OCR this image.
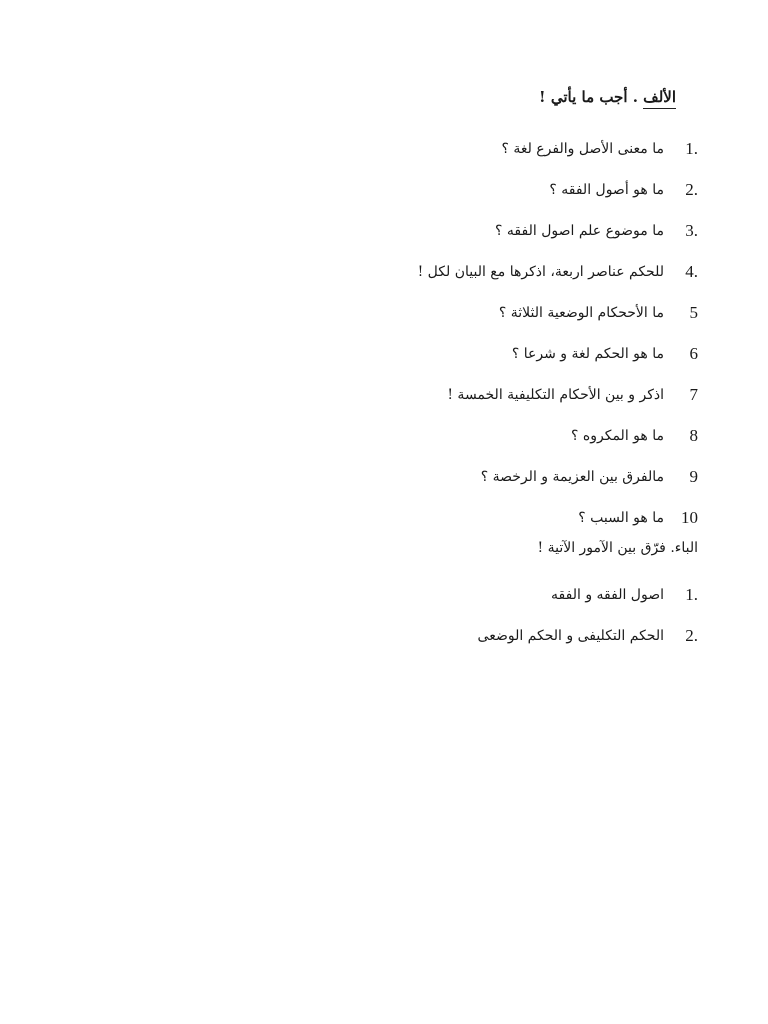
الألف . أجب ما يأتي !
1.
ما معنى الأصل والفرع لغة ؟
2.
ما هو أصول الفقه ؟
3.
ما موضوع علم اصول الفقه ؟
4.
للحكم عناصر اربعة، اذكرها مع البيان لكل !
5
ما الأححكام الوضعية الثلاثة ؟
6
ما هو الحكم لغة و شرعا ؟
7
اذكر و بين الأحكام التكليفية الخمسة !
8
ما هو المكروه ؟
9
مالفرق بين العزيمة و الرخصة ؟
10
ما هو السبب ؟
الباء. فرّق بين الآمور الآتية !
1.
اصول الفقه و الفقه
2.
الحكم التكليفى و الحكم الوضعى
